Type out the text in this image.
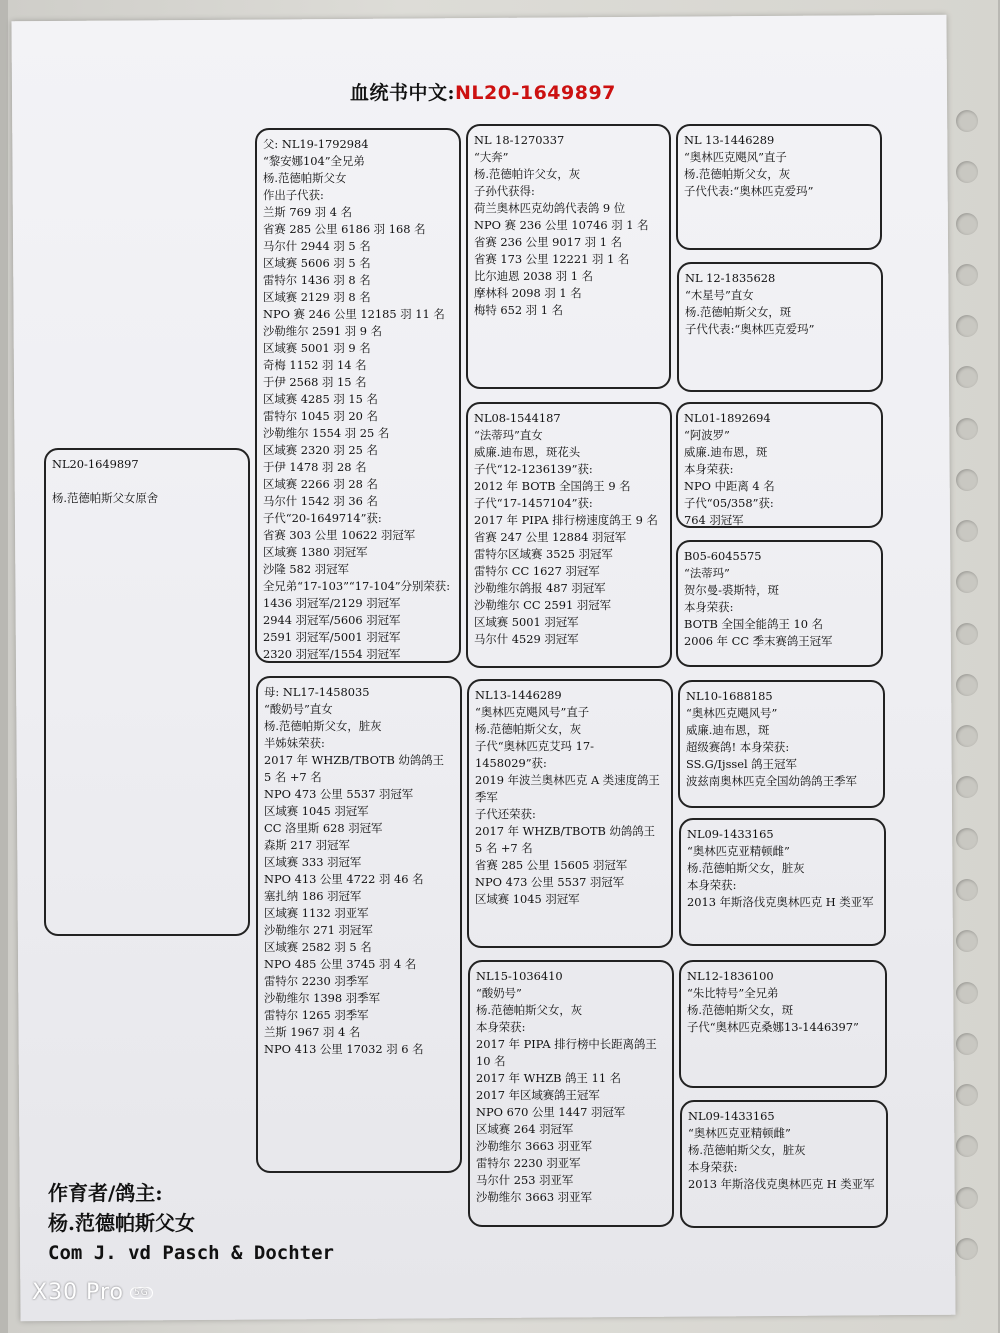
血统书中文:NL20-1649897
NL20-1649897

杨.范德帕斯父女原舍
父: NL19-1792984
“黎安娜104”全兄弟
杨.范德帕斯父女
作出子代获:
兰斯 769 羽 4 名
省赛 285 公里 6186 羽 168 名
马尔什 2944 羽 5 名
区域赛 5606 羽 5 名
雷特尔 1436 羽 8 名
区域赛 2129 羽 8 名
NPO 赛 246 公里 12185 羽 11 名
沙勒维尔 2591 羽 9 名
区域赛 5001 羽 9 名
奇梅 1152 羽 14 名
于伊 2568 羽 15 名
区域赛 4285 羽 15 名
雷特尔 1045 羽 20 名
沙勒维尔 1554 羽 25 名
区域赛 2320 羽 25 名
于伊 1478 羽 28 名
区域赛 2266 羽 28 名
马尔什 1542 羽 36 名
子代“20-1649714”获:
省赛 303 公里 10622 羽冠军
区域赛 1380 羽冠军
沙隆 582 羽冠军
全兄弟“17-103”“17-104”分别荣获:
1436 羽冠军/2129 羽冠军
2944 羽冠军/5606 羽冠军
2591 羽冠军/5001 羽冠军
2320 羽冠军/1554 羽冠军
母: NL17-1458035
“酸奶号”直女
杨.范德帕斯父女，脏灰
半姊妹荣获:
2017 年 WHZB/TBOTB 幼鸽鸽王 5 名 +7 名
NPO 473 公里 5537 羽冠军
区域赛 1045 羽冠军
CC 洛里斯 628 羽冠军
森斯 217 羽冠军
区域赛 333 羽冠军
NPO 413 公里 4722 羽 46 名
塞扎纳 186 羽冠军
区域赛 1132 羽亚军
沙勒维尔 271 羽冠军
区域赛 2582 羽 5 名
NPO 485 公里 3745 羽 4 名
雷特尔 2230 羽季军
沙勒维尔 1398 羽季军
雷特尔 1265 羽季军
兰斯 1967 羽 4 名
NPO 413 公里 17032 羽 6 名
NL 18-1270337
“大奔”
杨.范德帕许父女，灰
子孙代获得:
荷兰奥林匹克幼鸽代表鸽 9 位
NPO 赛 236 公里 10746 羽 1 名
省赛 236 公里 9017 羽 1 名
省赛 173 公里 12221 羽 1 名
比尔迪恩 2038 羽 1 名
摩林科 2098 羽 1 名
梅特 652 羽 1 名
NL08-1544187
“法蒂玛”直女
威廉.迪布恩，斑花头
子代“12-1236139”获:
2012 年 BOTB 全国鸽王 9 名
子代“17-1457104”获:
2017 年 PIPA 排行榜速度鸽王 9 名
省赛 247 公里 12884 羽冠军
雷特尔区域赛 3525 羽冠军
雷特尔 CC 1627 羽冠军
沙勒维尔鸽报 487 羽冠军
沙勒维尔 CC 2591 羽冠军
区域赛 5001 羽冠军
马尔什 4529 羽冠军
NL13-1446289
“奥林匹克飓风号”直子
杨.范德帕斯父女，灰
子代“奥林匹克艾玛 17-1458029”获:
2019 年波兰奥林匹克 A 类速度鸽王季军
子代还荣获:
2017 年 WHZB/TBOTB 幼鸽鸽王 5 名 +7 名
省赛 285 公里 15605 羽冠军
NPO 473 公里 5537 羽冠军
区域赛 1045 羽冠军
NL15-1036410
“酸奶号”
杨.范德帕斯父女，灰
本身荣获:
2017 年 PIPA 排行榜中长距离鸽王 10 名
2017 年 WHZB 鸽王 11 名
2017 年区域赛鸽王冠军
NPO 670 公里 1447 羽冠军
区域赛 264 羽冠军
沙勒维尔 3663 羽亚军
雷特尔 2230 羽亚军
马尔什 253 羽亚军
沙勒维尔 3663 羽亚军
NL 13-1446289
“奥林匹克飓风”直子
杨.范德帕斯父女，灰
子代代表:“奥林匹克爱玛”
NL 12-1835628
“木星号”直女
杨.范德帕斯父女，斑
子代代表:“奥林匹克爱玛”
NL01-1892694
“阿波罗”
威廉.迪布恩，斑
本身荣获:
NPO 中距离 4 名
子代“05/358”获:
764 羽冠军
B05-6045575
“法蒂玛”
贺尔曼-裘斯特，斑
本身荣获:
BOTB 全国全能鸽王 10 名
2006 年 CC 季末赛鸽王冠军
NL10-1688185
“奥林匹克飓风号”
威廉.迪布恩，斑
超级赛鸽! 本身荣获:
SS.G/Ijssel 鸽王冠军
波兹南奥林匹克全国幼鸽鸽王季军
NL09-1433165
“奥林匹克亚精顿雌”
杨.范德帕斯父女，脏灰
本身荣获:
2013 年斯洛伐克奥林匹克 H 类亚军
NL12-1836100
“朱比特号”全兄弟
杨.范德帕斯父女，斑
子代“奥林匹克桑娜13-1446397”
NL09-1433165
“奥林匹克亚精顿雌”
杨.范德帕斯父女，脏灰
本身荣获:
2013 年斯洛伐克奥林匹克 H 类亚军
作育者/鸽主:
杨.范德帕斯父女
Com J. vd Pasch & Dochter
X30 Pro 5G
